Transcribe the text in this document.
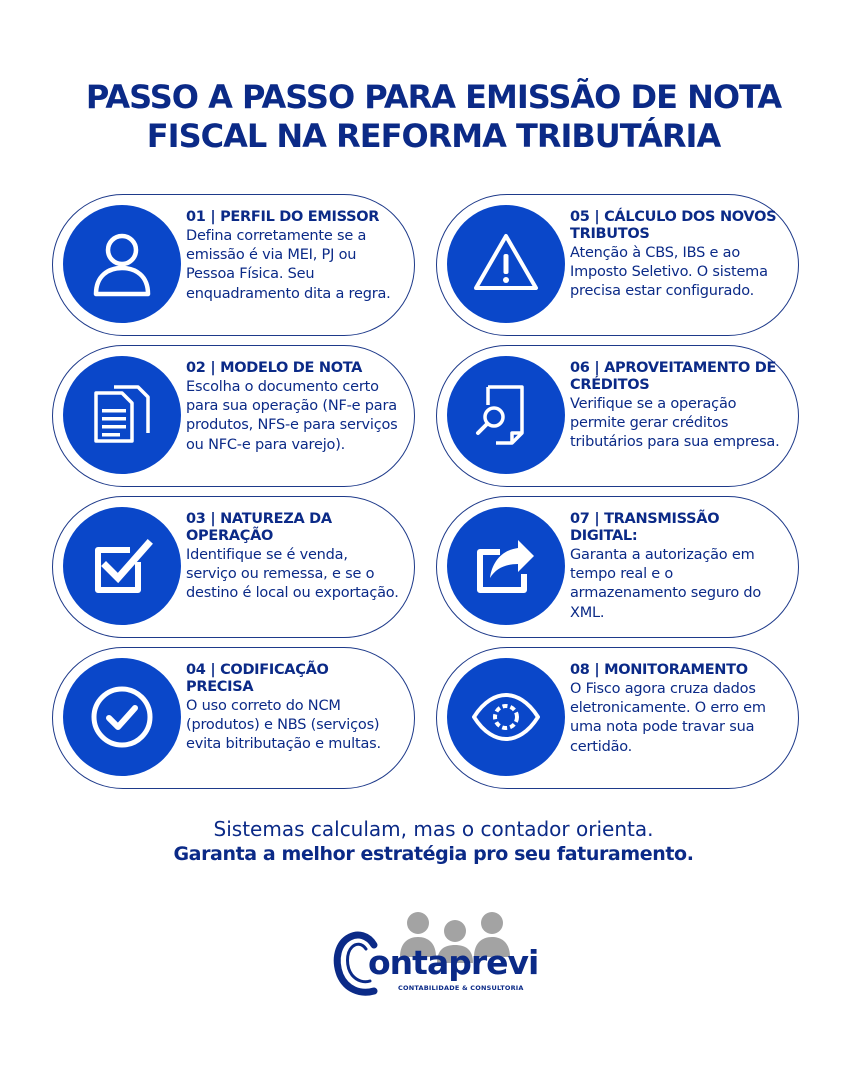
PASSO A PASSO PARA EMISSÃO DE NOTA
FISCAL NA REFORMA TRIBUTÁRIA
01 | PERFIL DO EMISSOR
Defina corretamente se a emissão é via MEI, PJ ou Pessoa Física. Seu enquadramento dita a regra.
02 | MODELO DE NOTA
Escolha o documento certo para sua operação (NF-e para produtos, NFS-e para serviços ou NFC-e para varejo).
03 | NATUREZA DA OPERAÇÃO
Identifique se é venda, serviço ou remessa, e se o destino é local ou exportação.
04 | CODIFICAÇÃO PRECISA
O uso correto do NCM (produtos) e NBS (serviços) evita bitributação e multas.
05 | CÁLCULO DOS NOVOS TRIBUTOS
Atenção à CBS, IBS e ao Imposto Seletivo. O sistema precisa estar configurado.
06 | APROVEITAMENTO DE CRÉDITOS
Verifique se a operação permite gerar créditos tributários para sua empresa.
07 | TRANSMISSÃO DIGITAL:
Garanta a autorização em tempo real e o armazenamento seguro do XML.
08 | MONITORAMENTO
O Fisco agora cruza dados eletronicamente. O erro em uma nota pode travar sua certidão.
Sistemas calculam, mas o contador orienta.
Garanta a melhor estratégia pro seu faturamento.
ontaprevi
CONTABILIDADE & CONSULTORIA
